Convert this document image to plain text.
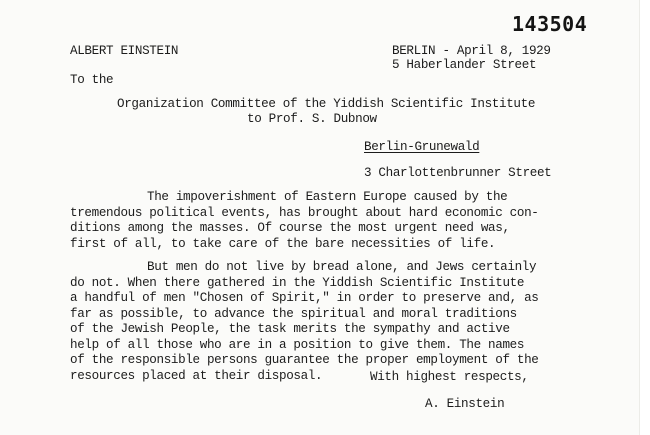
143504
ALBERT EINSTEIN	BERLIN - April 8, 1929
5 Haberlander Street
To the
Organization Committee of the Yiddish Scientific Institute
to Prof. S. Dubnow
Berlin-Grunewald
3 Charlottenbrunner Street
The impoverishment of Eastern Europe caused by the
tremendous political events, has brought about hard economic con-
ditions among the masses. Of course the most urgent need was,
first of all, to take care of the bare necessities of life.
But men do not live by bread alone, and Jews certainly
do not. When there gathered in the Yiddish Scientific Institute
a handful of men "Chosen of Spirit," in order to preserve and, as
far as possible, to advance the spiritual and moral traditions
of the Jewish People, the task merits the sympathy and active
help of all those who are in a position to give them. The names
of the responsible persons guarantee the proper employment of the
resources placed at their disposal.	With highest respects,
A. Einstein
